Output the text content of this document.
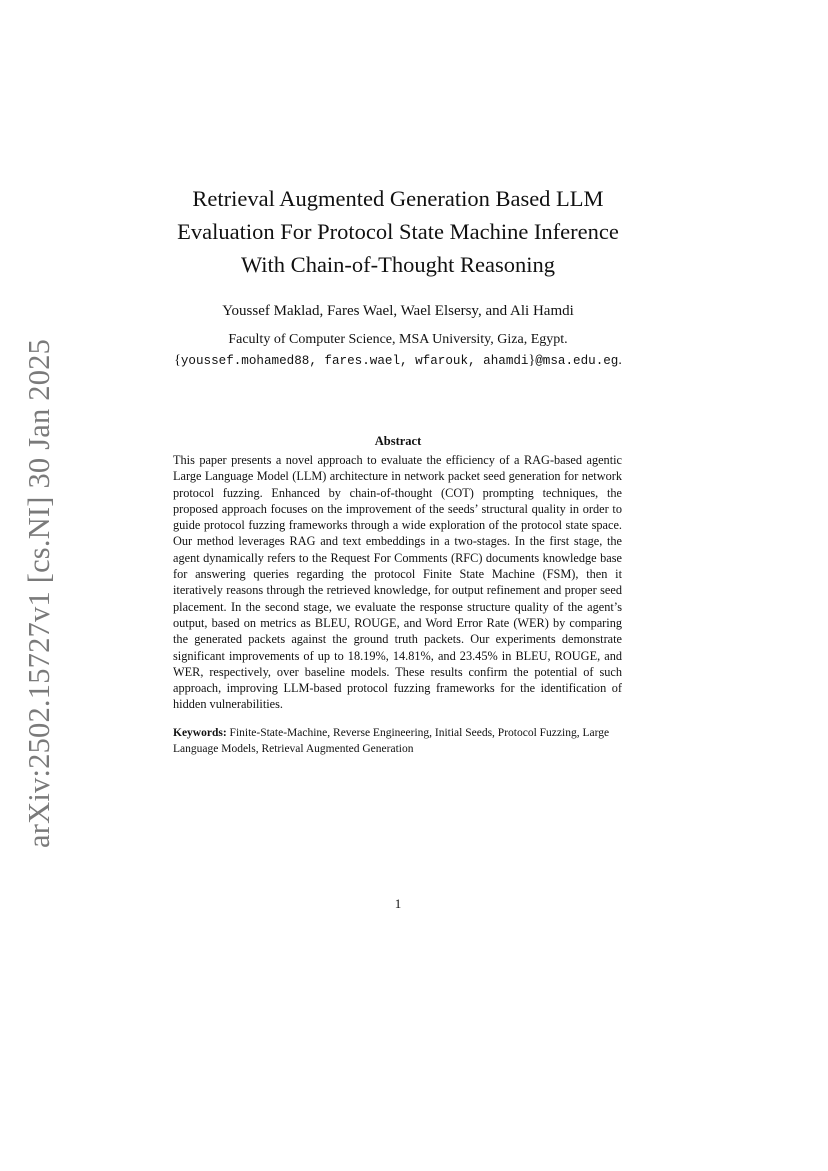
arXiv:2502.15727v1 [cs.NI] 30 Jan 2025
Retrieval Augmented Generation Based LLM
Evaluation For Protocol State Machine Inference
With Chain-of-Thought Reasoning
Youssef Maklad, Fares Wael, Wael Elsersy, and Ali Hamdi
Faculty of Computer Science, MSA University, Giza, Egypt.
{youssef.mohamed88, fares.wael, wfarouk, ahamdi}@msa.edu.eg.
Abstract

This paper presents a novel approach to evaluate the efficiency of a RAG-based agentic Large Language Model (LLM) architecture in network packet seed generation for network protocol fuzzing. Enhanced by chain-of-thought (COT) prompting techniques, the proposed approach focuses on the improvement of the seeds’ structural quality in order to guide protocol fuzzing frameworks through a wide exploration of the protocol state space. Our method leverages RAG and text embeddings in a two-stages. In the first stage, the agent dynamically refers to the Request For Comments (RFC) documents knowledge base for answering queries regarding the protocol Finite State Machine (FSM), then it iteratively reasons through the retrieved knowledge, for output refinement and proper seed placement. In the second stage, we evaluate the response structure quality of the agent’s output, based on metrics as BLEU, ROUGE, and Word Error Rate (WER) by comparing the generated packets against the ground truth packets. Our experiments demonstrate significant improvements of up to 18.19%, 14.81%, and 23.45% in BLEU, ROUGE, and WER, respectively, over baseline models. These results confirm the potential of such approach, improving LLM-based protocol fuzzing frameworks for the identification of hidden vulnerabilities.

Keywords: Finite-State-Machine, Reverse Engineering, Initial Seeds, Protocol Fuzzing, Large Language Models, Retrieval Augmented Generation

1
